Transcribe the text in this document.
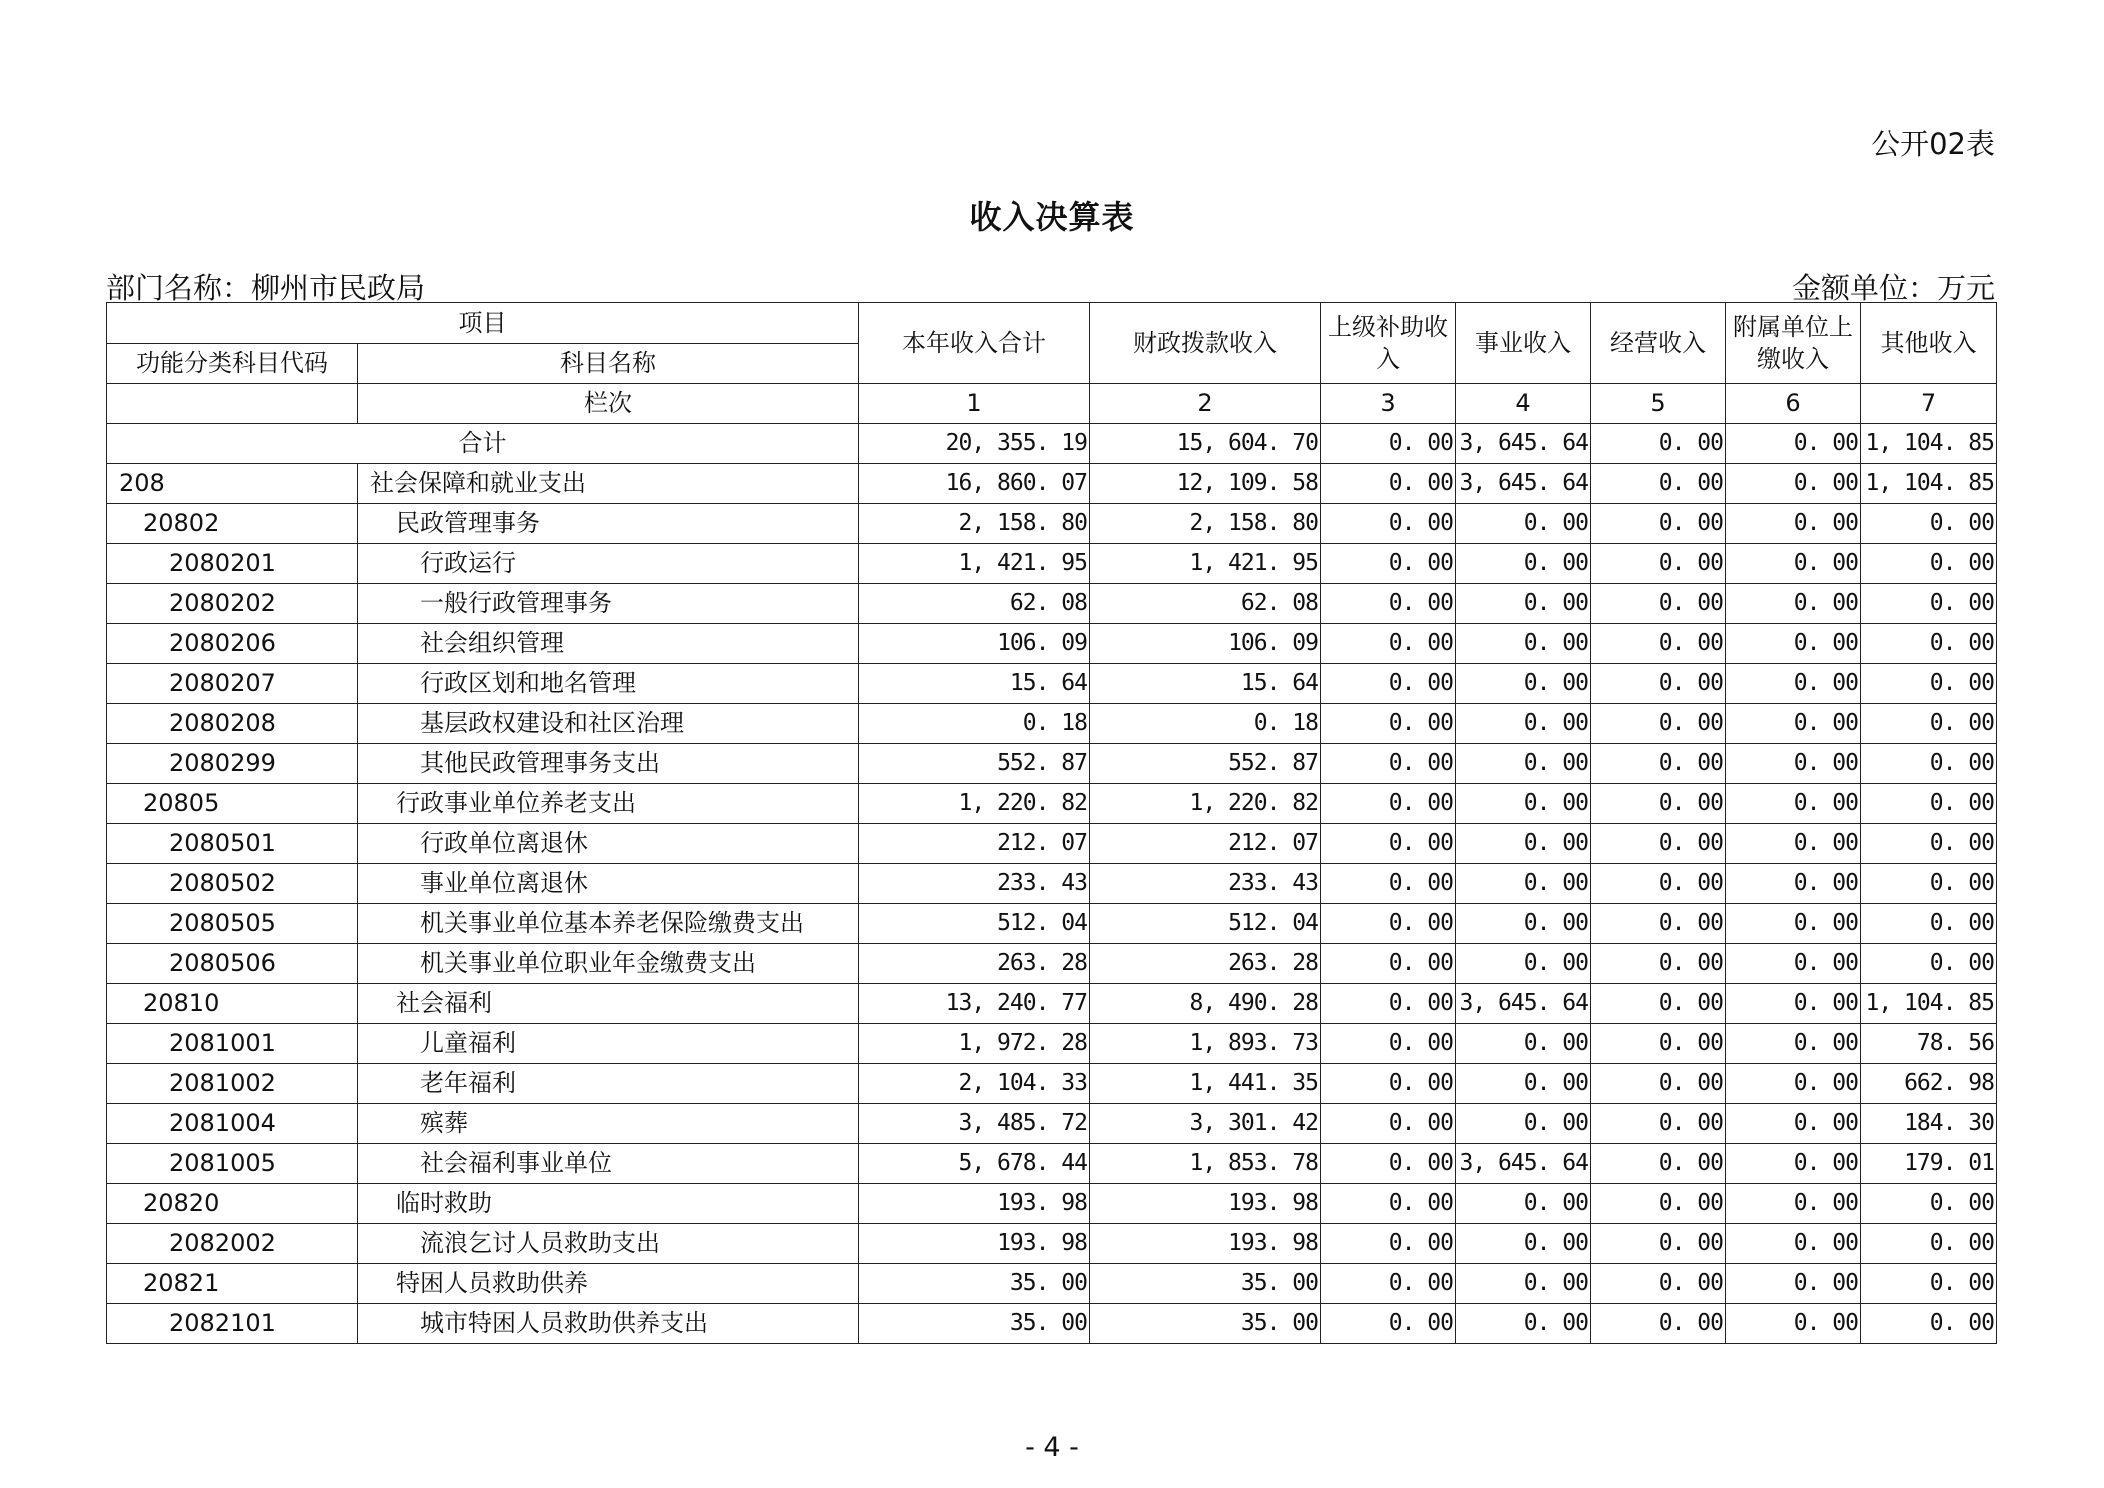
公开02表
收入决算表
部门名称：柳州市民政局	金额单位：万元
项目		本年收入合计	财政拨款收入	上级补助收入	事业收入	经营收入	附属单位上缴收入	其他收入
功能分类科目代码	科目名称							
	栏次	1	2	3	4	5	6	7
合计		20, 355. 19	15, 604. 70	0. 00	3, 645. 64	0. 00	0. 00	1, 104. 85
208	社会保障和就业支出	16, 860. 07	12, 109. 58	0. 00	3, 645. 64	0. 00	0. 00	1, 104. 85
20802	民政管理事务	2, 158. 80	2, 158. 80	0. 00	0. 00	0. 00	0. 00	0. 00
2080201	行政运行	1, 421. 95	1, 421. 95	0. 00	0. 00	0. 00	0. 00	0. 00
2080202	一般行政管理事务	62. 08	62. 08	0. 00	0. 00	0. 00	0. 00	0. 00
2080206	社会组织管理	106. 09	106. 09	0. 00	0. 00	0. 00	0. 00	0. 00
2080207	行政区划和地名管理	15. 64	15. 64	0. 00	0. 00	0. 00	0. 00	0. 00
2080208	基层政权建设和社区治理	0. 18	0. 18	0. 00	0. 00	0. 00	0. 00	0. 00
2080299	其他民政管理事务支出	552. 87	552. 87	0. 00	0. 00	0. 00	0. 00	0. 00
20805	行政事业单位养老支出	1, 220. 82	1, 220. 82	0. 00	0. 00	0. 00	0. 00	0. 00
2080501	行政单位离退休	212. 07	212. 07	0. 00	0. 00	0. 00	0. 00	0. 00
2080502	事业单位离退休	233. 43	233. 43	0. 00	0. 00	0. 00	0. 00	0. 00
2080505	机关事业单位基本养老保险缴费支出	512. 04	512. 04	0. 00	0. 00	0. 00	0. 00	0. 00
2080506	机关事业单位职业年金缴费支出	263. 28	263. 28	0. 00	0. 00	0. 00	0. 00	0. 00
20810	社会福利	13, 240. 77	8, 490. 28	0. 00	3, 645. 64	0. 00	0. 00	1, 104. 85
2081001	儿童福利	1, 972. 28	1, 893. 73	0. 00	0. 00	0. 00	0. 00	78. 56
2081002	老年福利	2, 104. 33	1, 441. 35	0. 00	0. 00	0. 00	0. 00	662. 98
2081004	殡葬	3, 485. 72	3, 301. 42	0. 00	0. 00	0. 00	0. 00	184. 30
2081005	社会福利事业单位	5, 678. 44	1, 853. 78	0. 00	3, 645. 64	0. 00	0. 00	179. 01
20820	临时救助	193. 98	193. 98	0. 00	0. 00	0. 00	0. 00	0. 00
2082002	流浪乞讨人员救助支出	193. 98	193. 98	0. 00	0. 00	0. 00	0. 00	0. 00
20821	特困人员救助供养	35. 00	35. 00	0. 00	0. 00	0. 00	0. 00	0. 00
2082101	城市特困人员救助供养支出	35. 00	35. 00	0. 00	0. 00	0. 00	0. 00	0. 00
- 4 -
